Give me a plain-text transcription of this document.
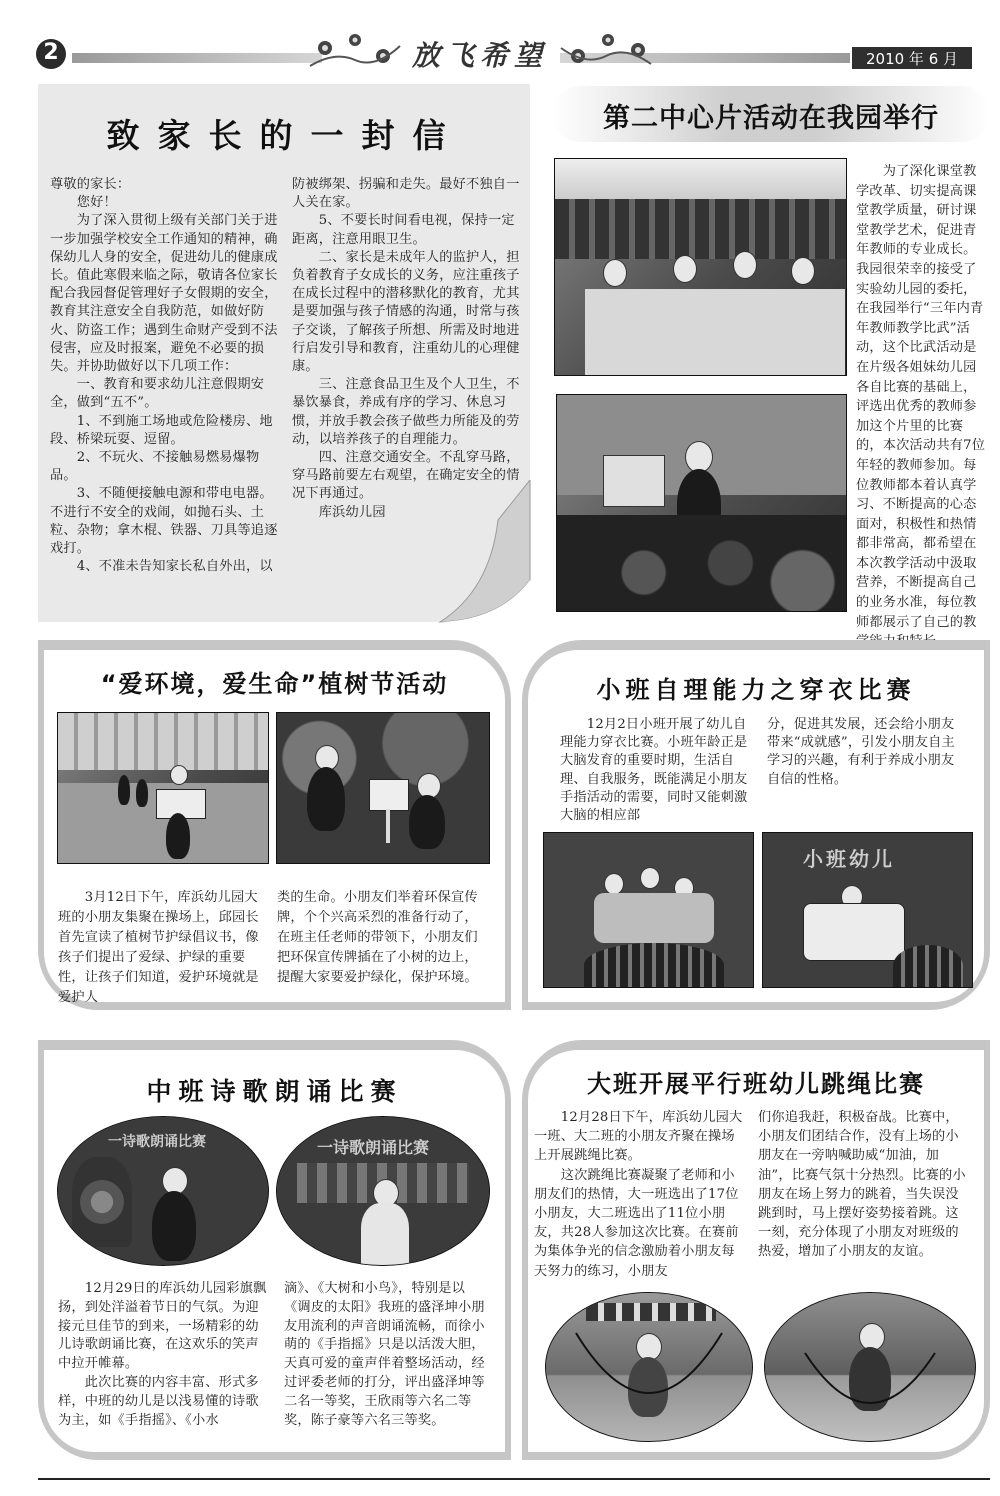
2	放飞希望	2010 年 6 月
致家长的一封信
尊敬的家长：
　　您好！
　　为了深入贯彻上级有关部门关于进一步加强学校安全工作通知的精神，确保幼儿人身的安全，促进幼儿的健康成长。值此寒假来临之际，敬请各位家长配合我园督促管理好子女假期的安全，教育其注意安全自我防范，如做好防火、防盗工作；遇到生命财产受到不法侵害，应及时报案，避免不必要的损失。并协助做好以下几项工作：
　　一、教育和要求幼儿注意假期安全，做到“五不”。
　　1、不到施工场地或危险楼房、地段、桥梁玩耍、逗留。
　　2、不玩火、不接触易燃易爆物品。
　　3、不随便接触电源和带电电器。不进行不安全的戏闹，如抛石头、土粒、杂物；拿木棍、铁器、刀具等追逐戏打。
　　4、不准未告知家长私自外出，以
防被绑架、拐骗和走失。最好不独自一人关在家。
　　5、不要长时间看电视，保持一定距离，注意用眼卫生。
　　二、家长是未成年人的监护人，担负着教育子女成长的义务，应注重孩子在成长过程中的潜移默化的教育，尤其是要加强与孩子情感的沟通，时常与孩子交谈，了解孩子所想、所需及时地进行启发引导和教育，注重幼儿的心理健康。
　　三、注意食品卫生及个人卫生，不暴饮暴食，养成有序的学习、休息习惯，并放手教会孩子做些力所能及的劳动，以培养孩子的自理能力。
　　四、注意交通安全。不乱穿马路，穿马路前要左右观望，在确定安全的情况下再通过。
　　库浜幼儿园
第二中心片活动在我园举行
　　为了深化课堂教学改革、切实提高课堂教学质量，研讨课堂教学艺术，促进青年教师的专业成长。我园很荣幸的接受了实验幼儿园的委托，在我园举行“三年内青年教师教学比武”活动，这个比武活动是在片级各姐妹幼儿园各自比赛的基础上，评选出优秀的教师参加这个片里的比赛的，本次活动共有7位年轻的教师参加。每位教师都本着认真学习、不断提高的心态面对，积极性和热情都非常高，都希望在本次教学活动中汲取营养，不断提高自己的业务水准，每位教师都展示了自己的教
“爱环境，爱生命”植树节活动
　　3月12日下午，库浜幼儿园大班的小朋友集聚在操场上，邱园长首先宣读了植树节护绿倡议书，像孩子们提出了爱绿、护绿的重要性，让孩子们知道，爱护环境就是爱护人
类的生命。小朋友们举着环保宣传牌，个个兴高采烈的准备行动了，在班主任老师的带领下，小朋友们把环保宣传牌插在了小树的边上，提醒大家要爱护绿化，保护环境。
小班自理能力之穿衣比赛
　　12月2日小班开展了幼儿自理能力穿衣比赛。小班年龄正是大脑发育的重要时期，生活自理、自我服务，既能满足小朋友手指活动的需要，同时又能刺激大脑的相应部
分，促进其发展，还会给小朋友带来“成就感”，引发小朋友自主学习的兴趣，有利于养成小朋友自信的性格。
小班幼儿
中班诗歌朗诵比赛
一诗歌朗诵比赛	一诗歌朗诵比赛
　　12月29日的库浜幼儿园彩旗飘扬，到处洋溢着节日的气氛。为迎接元旦佳节的到来，一场精彩的幼儿诗歌朗诵比赛，在这欢乐的笑声中拉开帷幕。
　　此次比赛的内容丰富、形式多样，中班的幼儿是以浅易懂的诗歌为主，如《手指摇》、《小水
滴》、《大树和小鸟》，特别是以《调皮的太阳》我班的盛泽坤小朋友用流利的声音朗诵流畅，而徐小萌的《手指摇》只是以活泼大胆，天真可爱的童声伴着整场活动，经过评委老师的打分，评出盛泽坤等二名一等奖，王欣雨等六名二等奖，陈子豪等六名三等奖。
大班开展平行班幼儿跳绳比赛
　　12月28日下午，库浜幼儿园大一班、大二班的小朋友齐聚在操场上开展跳绳比赛。
　　这次跳绳比赛凝聚了老师和小朋友们的热情，大一班选出了17位小朋友，大二班选出了11位小朋友，共28人参加这次比赛。在赛前为集体争光的信念激励着小朋友每天努力的练习，小朋友
们你追我赶，积极奋战。比赛中，小朋友们团结合作，没有上场的小朋友在一旁呐喊助威“加油，加油”，比赛气氛十分热烈。比赛的小朋友在场上努力的跳着，当失误没跳到时，马上摆好姿势接着跳。这一刻，充分体现了小朋友对班级的热爱，增加了小朋友的友谊。
